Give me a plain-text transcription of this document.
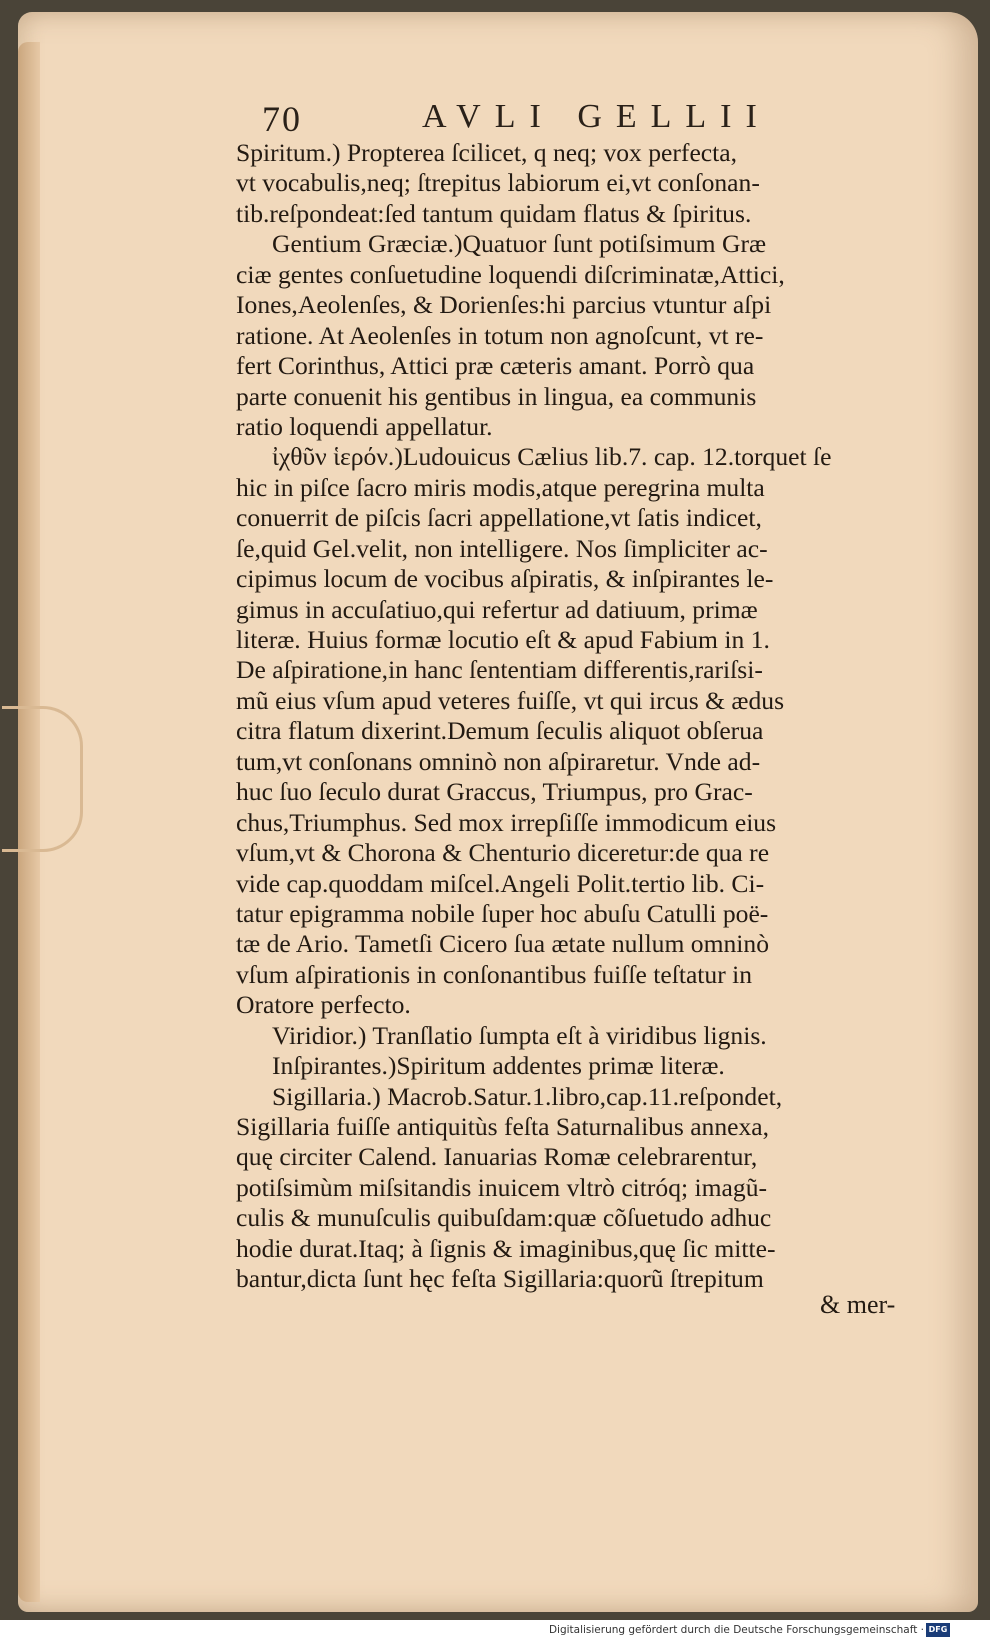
70	AVLI GELLII
Spiritum.) Propterea ſcilicet, q neq; vox perfecta,
vt vocabulis,neq; ſtrepitus labiorum ei,vt conſonan-
tib.reſpondeat:ſed tantum quidam flatus & ſpiritus.
Gentium Græciæ.)Quatuor ſunt potiſsimum Græ
ciæ gentes conſuetudine loquendi diſcriminatæ,Attici,
Iones,Aeolenſes, & Dorienſes:hi parcius vtuntur aſpi
ratione. At Aeolenſes in totum non agnoſcunt, vt re-
fert Corinthus, Attici præ cæteris amant. Porrò qua
parte conuenit his gentibus in lingua, ea communis
ratio loquendi appellatur.
ἰχθῦν ἱερόν.)Ludouicus Cælius lib.7. cap. 12.torquet ſe
hic in piſce ſacro miris modis,atque peregrina multa
conuerrit de piſcis ſacri appellatione,vt ſatis indicet,
ſe,quid Gel.velit, non intelligere. Nos ſimpliciter ac-
cipimus locum de vocibus aſpiratis, & inſpirantes le-
gimus in accuſatiuo,qui refertur ad datiuum, primæ
literæ. Huius formæ locutio eſt & apud Fabium in 1.
De aſpiratione,in hanc ſententiam differentis,rariſsi-
mũ eius vſum apud veteres fuiſſe, vt qui ircus & ædus
citra flatum dixerint.Demum ſeculis aliquot obſerua
tum,vt conſonans omninò non aſpiraretur. Vnde ad-
huc ſuo ſeculo durat Graccus, Triumpus, pro Grac-
chus,Triumphus. Sed mox irrepſiſſe immodicum eius
vſum,vt & Chorona & Chenturio diceretur:de qua re
vide cap.quoddam miſcel.Angeli Polit.tertio lib. Ci-
tatur epigramma nobile ſuper hoc abuſu Catulli poë-
tæ de Ario. Tametſi Cicero ſua ætate nullum omninò
vſum aſpirationis in conſonantibus fuiſſe teſtatur in
Oratore perfecto.
Viridior.) Tranſlatio ſumpta eſt à viridibus lignis.
Inſpirantes.)Spiritum addentes primæ literæ.
Sigillaria.) Macrob.Satur.1.libro,cap.11.reſpondet,
Sigillaria fuiſſe antiquitùs feſta Saturnalibus annexa,
quę circiter Calend. Ianuarias Romæ celebrarentur,
potiſsimùm miſsitandis inuicem vltrò citróq; imagũ-
culis & munuſculis quibuſdam:quæ cõſuetudo adhuc
hodie durat.Itaq; à ſignis & imaginibus,quę ſic mitte-
bantur,dicta ſunt hęc feſta Sigillaria:quorũ ſtrepitum
& mer-
Digitalisierung gefördert durch die Deutsche Forschungsgemeinschaft · DFG
